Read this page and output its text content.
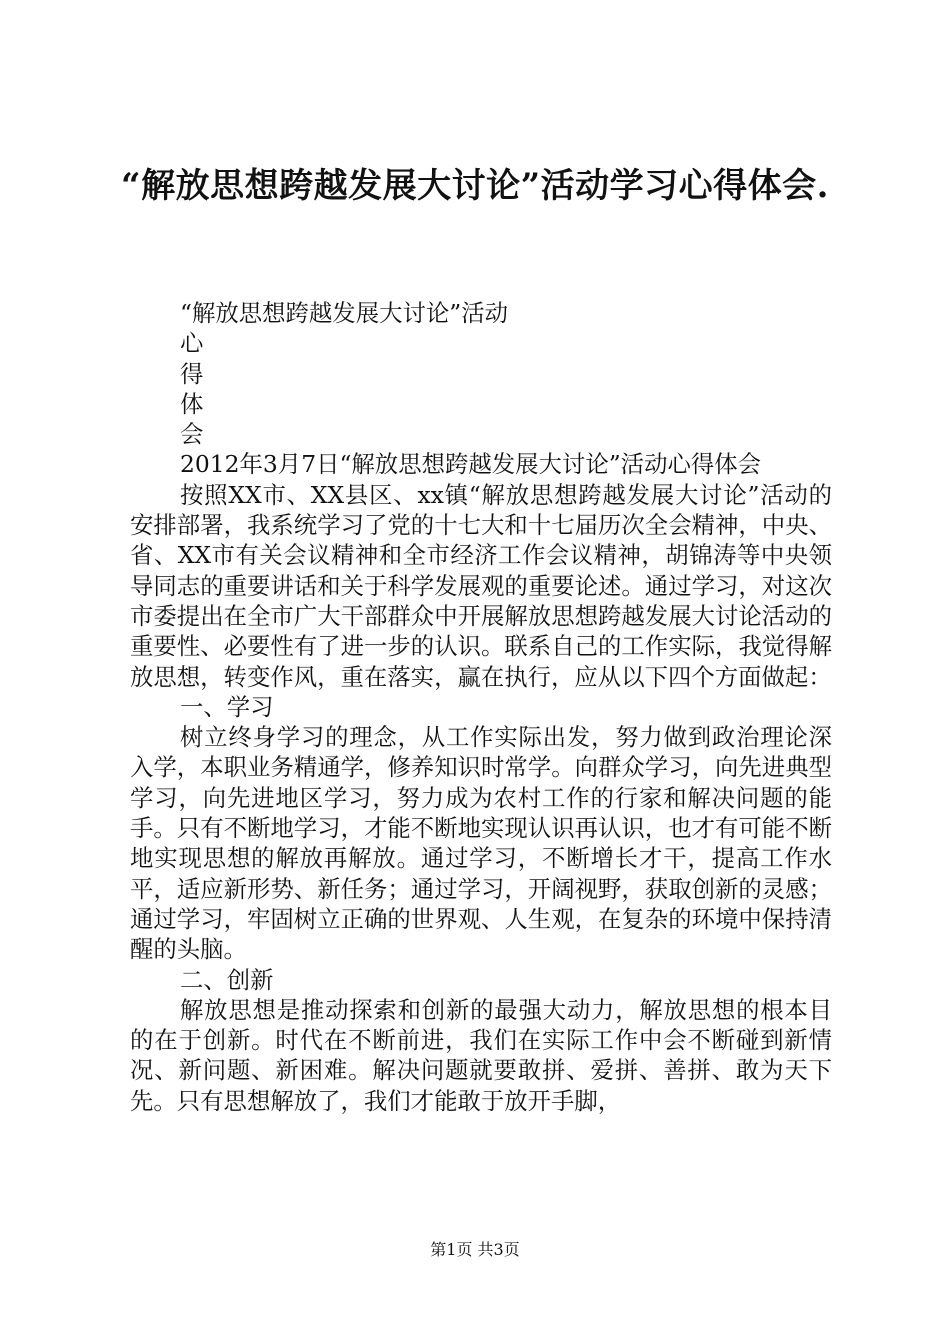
“解放思想跨越发展大讨论”活动学习心得体会.

“解放思想跨越发展大讨论”活动

心
得
体
会

2012年3月7日“解放思想跨越发展大讨论”活动心得体会

按照XX市、XX县区、xx镇“解放思想跨越发展大讨论”活动的安排部署，我系统学习了党的十七大和十七届历次全会精神，中央、省、XX市有关会议精神和全市经济工作会议精神，胡锦涛等中央领导同志的重要讲话和关于科学发展观的重要论述。通过学习，对这次市委提出在全市广大干部群众中开展解放思想跨越发展大讨论活动的重要性、必要性有了进一步的认识。联系自己的工作实际，我觉得解放思想，转变作风，重在落实，赢在执行，应从以下四个方面做起：

一、学习

树立终身学习的理念，从工作实际出发，努力做到政治理论深入学，本职业务精通学，修养知识时常学。向群众学习，向先进典型学习，向先进地区学习，努力成为农村工作的行家和解决问题的能手。只有不断地学习，才能不断地实现认识再认识，也才有可能不断地实现思想的解放再解放。通过学习，不断增长才干，提高工作水平，适应新形势、新任务；通过学习，开阔视野，获取创新的灵感；通过学习，牢固树立正确的世界观、人生观，在复杂的环境中保持清醒的头脑。

二、创新

解放思想是推动探索和创新的最强大动力，解放思想的根本目的在于创新。时代在不断前进，我们在实际工作中会不断碰到新情况、新问题、新困难。解决问题就要敢拼、爱拼、善拼、敢为天下先。只有思想解放了，我们才能敢于放开手脚，

第1页 共3页
